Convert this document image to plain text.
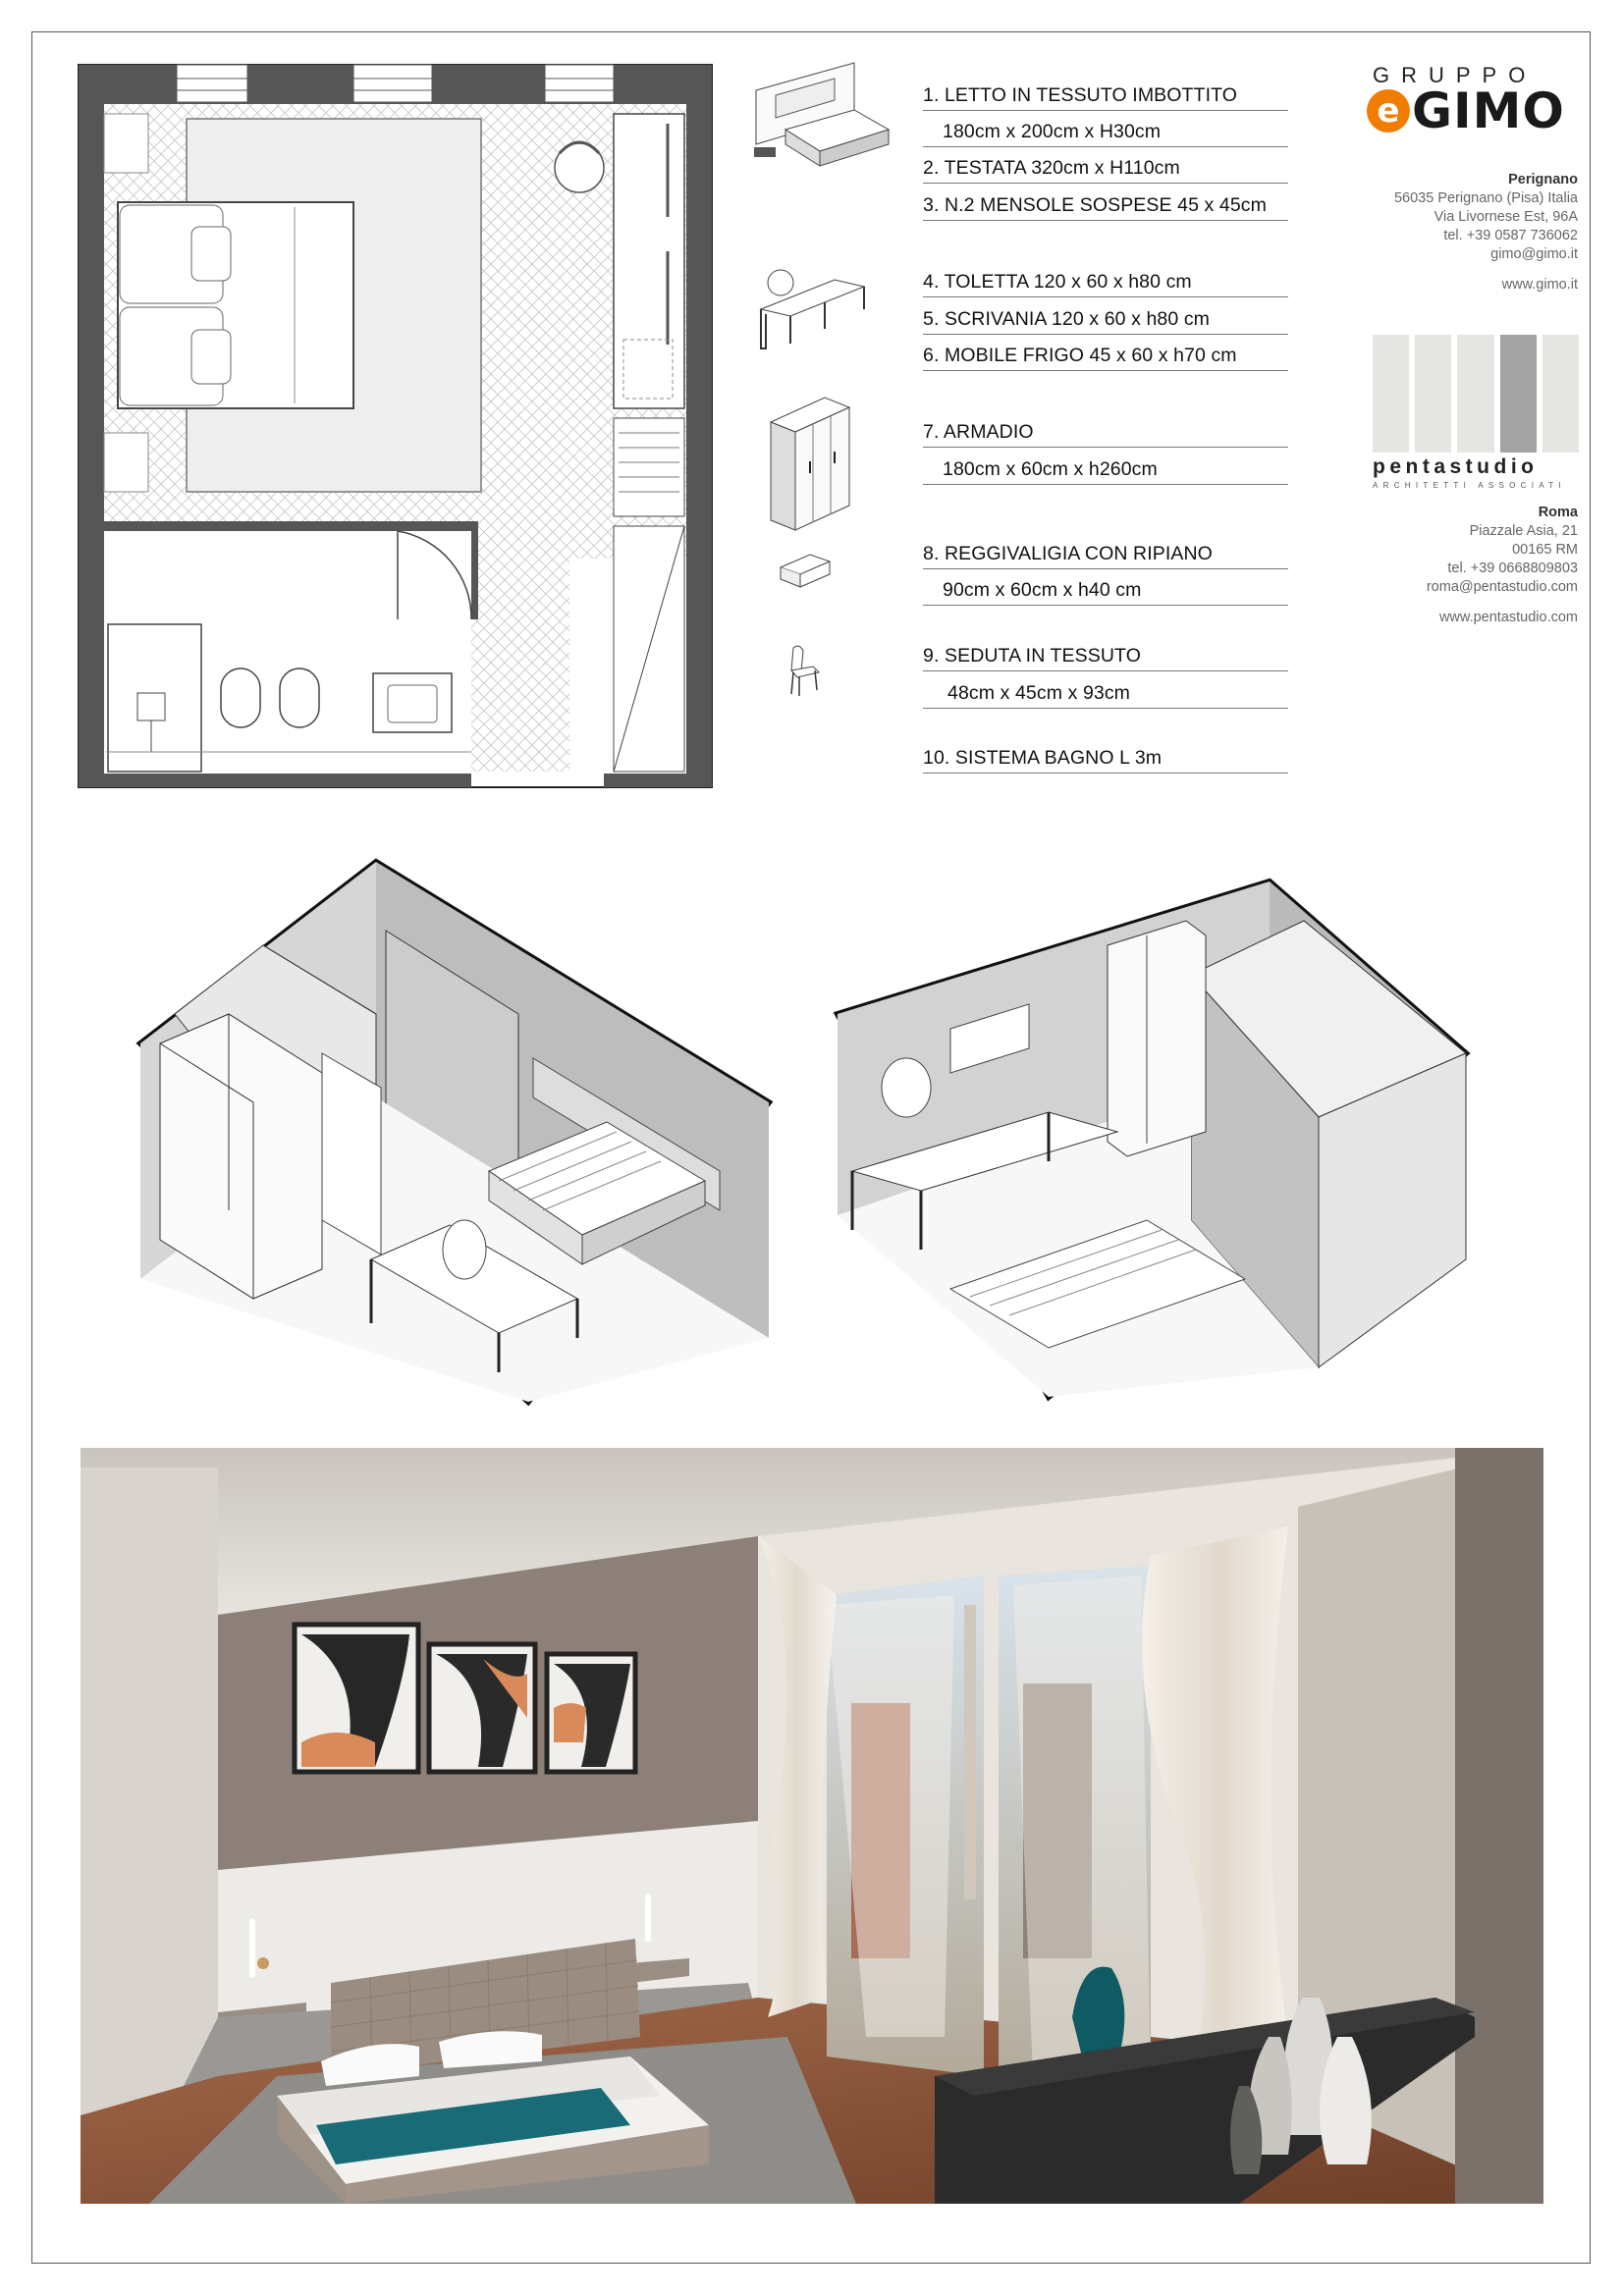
1. LETTO IN TESSUTO IMBOTTITO
180cm x 200cm x H30cm
2. TESTATA 320cm x H110cm
3. N.2 MENSOLE SOSPESE 45 x 45cm
4. TOLETTA 120 x 60 x h80 cm
5. SCRIVANIA 120 x 60 x h80 cm
6. MOBILE FRIGO 45 x 60 x h70 cm
7. ARMADIO
180cm x 60cm x h260cm
8. REGGIVALIGIA CON RIPIANO
90cm x 60cm x h40 cm
9. SEDUTA IN TESSUTO
48cm x 45cm x 93cm
10. SISTEMA BAGNO L 3m
GRUPPO
e GIMO
Perignano
56035 Perignano (Pisa) Italia
Via Livornese Est, 96A
tel. +39 0587 736062
gimo@gimo.it
www.gimo.it
pentastudio
ARCHITETTI ASSOCIATI
Roma
Piazzale Asia, 21
00165 RM
tel. +39 0668809803
roma@pentastudio.com
www.pentastudio.com
